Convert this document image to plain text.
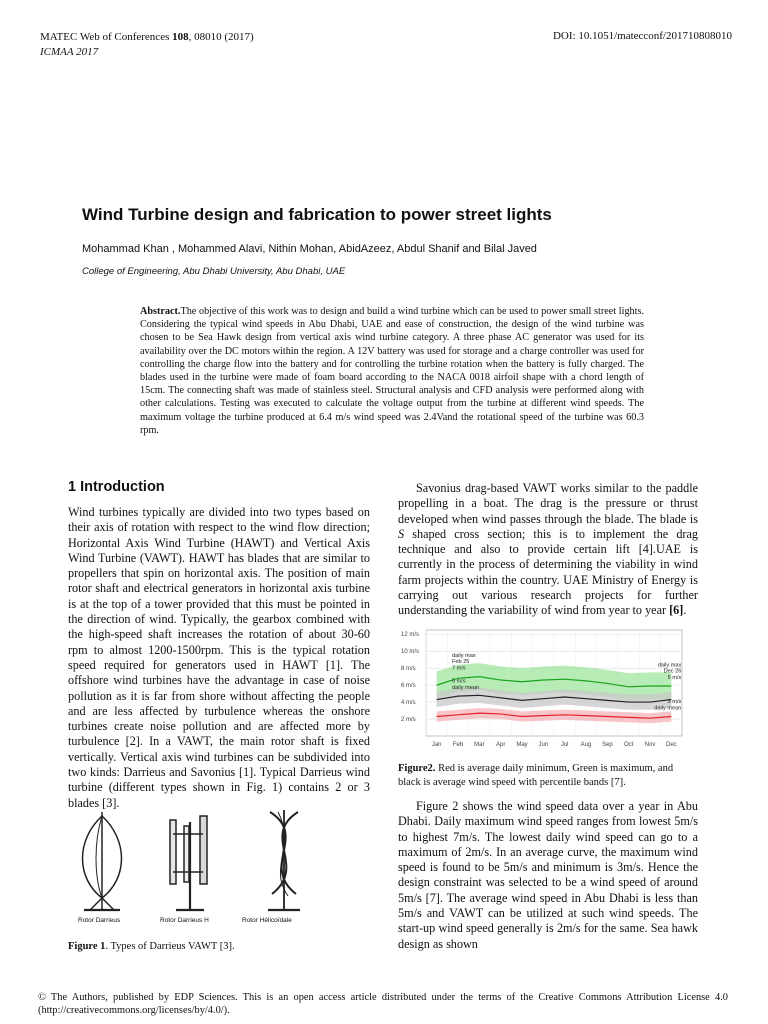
MATEC Web of Conferences 108, 08010 (2017)
ICMAA 2017
DOI: 10.1051/matecconf/201710808010
Wind Turbine design and fabrication to power street lights
Mohammad Khan , Mohammed Alavi, Nithin Mohan, AbidAzeez, Abdul Shanif and Bilal Javed
College of Engineering, Abu Dhabi University, Abu Dhabi, UAE
Abstract.The objective of this work was to design and build a wind turbine which can be used to power small street lights. Considering the typical wind speeds in Abu Dhabi, UAE and ease of construction, the design of the wind turbine was chosen to be Sea Hawk design from vertical axis wind turbine category. A three phase AC generator was used for its availability over the DC motors within the region. A 12V battery was used for storage and a charge controller was used for controlling the charge flow into the battery and for controlling the turbine rotation when the battery is fully charged. The blades used in the turbine were made of foam board according to the NACA 0018 airfoil shape with a chord length of 15cm. The connecting shaft was made of stainless steel. Structural analysis and CFD analysis were performed along with other calculations. Testing was executed to calculate the voltage output from the turbine at different wind speeds. The maximum voltage the turbine produced at 6.4 m/s wind speed was 2.4Vand the rotational speed of the turbine was 60.3 rpm.
1 Introduction
Wind turbines typically are divided into two types based on their axis of rotation with respect to the wind flow direction; Horizontal Axis Wind Turbine (HAWT) and Vertical Axis Wind Turbine (VAWT). HAWT has blades that are similar to propellers that spin on horizontal axis. The position of main rotor shaft and electrical generators in horizontal axis turbine is at the top of a tower provided that this must be pointed in the direction of wind. Typically, the gearbox combined with the high-speed shaft increases the rotation of about 30-60 rpm to almost 1200-1500rpm. This is the typical rotation speed required for generators used in HAWT [1]. The offshore wind turbines have the advantage in case of noise pollution as it is far from shore without affecting the people and are less affected by turbulence whereas the onshore turbines create noise pollution and are affected more by turbulence [2]. In a VAWT, the main rotor shaft is fixed vertically. Vertical axis wind turbines can be subdivided into two kinds: Darrieus and Savonius [1]. Typical Darrieus wind turbine (different types shown in Fig. 1) contains 2 or 3 blades [3].
Rotor Darrieus	Rotor Darrieus H	Rotor Hélicoïdale
Figure 1. Types of Darrieus VAWT [3].
Savonius drag-based VAWT works similar to the paddle propelling in a boat. The drag is the pressure or thrust developed when wind passes through the blade. The blade is S shaped cross section; this is to implement the drag technique and also to provide certain lift [4].UAE is currently in the process of determining the viability in wind farm projects within the country. UAE Ministry of Energy is carrying out various research projects for further understanding the variability of wind from year to year [6].
2 m/s
4 m/s
6 m/s
8 m/s
10 m/s
12 m/s
Jan Feb Mar Apr May Jun Jul Aug Sep Oct Nov Dec
daily max
Feb 25
7 m/s
daily max
Dec 26
5 m/s
5 m/s
daily mean
3 m/s
daily mean
Figure2. Red is average daily minimum, Green is maximum, and black is average wind speed with percentile bands [7].
Figure 2 shows the wind speed data over a year in Abu Dhabi. Daily maximum wind speed ranges from lowest 5m/s to highest 7m/s. The lowest daily wind speed can go to a maximum of 2m/s. In an average curve, the maximum wind speed is found to be 5m/s and minimum is 3m/s. Hence the design constraint was selected to be a wind speed of around 5m/s [7]. The average wind speed in Abu Dhabi is less than 5m/s and VAWT can be utilized at such wind speeds. The start-up wind speed generally is 2m/s for the same. Sea hawk design as shown
© The Authors, published by EDP Sciences. This is an open access article distributed under the terms of the Creative Commons Attribution License 4.0 (http://creativecommons.org/licenses/by/4.0/).
